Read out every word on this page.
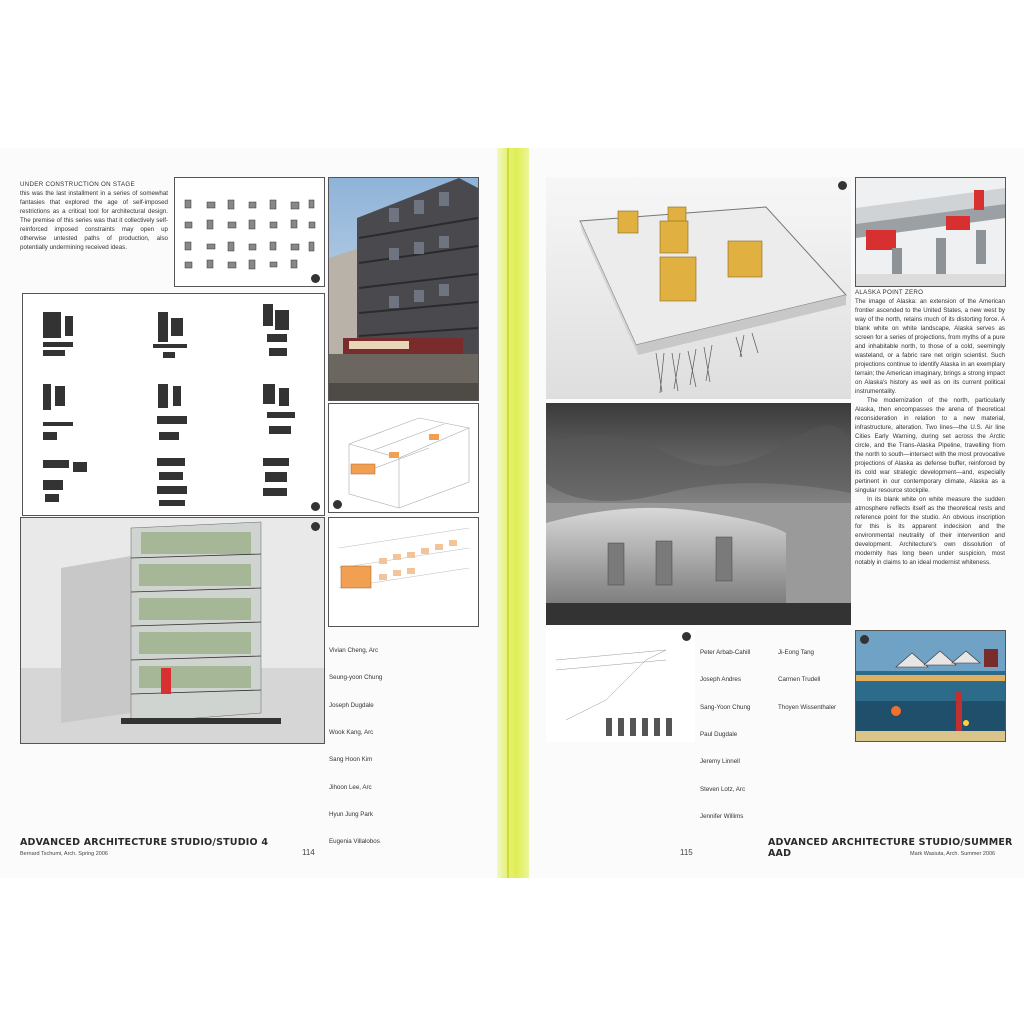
UNDER CONSTRUCTION ON STAGE

this was the last installment in a series of somewhat fantasies that explored the age of self-imposed restrictions as a critical tool for architectural design. The premise of this series was that it collectively self-reinforced imposed constraints may open up otherwise untested paths of production, also potentially undermining received ideas.

Vivian Cheng, Arc

Seung-yoon Chung

Joseph Dugdale

Wook Kang, Arc

Sang Hoon Kim

Jihoon Lee, Arc

Hyun Jung Park

Eugenia Villalobos

ADVANCED ARCHITECTURE STUDIO/STUDIO 4
Bernard Tschumi, Arch. Spring 2006	114
ALASKA POINT ZERO

The image of Alaska: an extension of the American frontier ascended to the United States, a new west by way of the north, retains much of its distorting force. A blank white on white landscape, Alaska serves as screen for a series of projections, from myths of a pure and inhabitable north, to those of a cold, seemingly wasteland, or a fabric rare net origin scientist. Such projections continue to identify Alaska in an exemplary terrain; the American imaginary, brings a strong impact on Alaska's history as well as on its current political instrumentality.

The modernization of the north, particularly Alaska, then encompasses the arena of theoretical reconsideration in relation to a new material, infrastructure, alteration. Two lines—the U.S. Air line Cities Early Warning, during set across the Arctic circle, and the Trans-Alaska Pipeline, travelling from the north to south—intersect with the most provocative projections of Alaska as defense buffer, reinforced by its cold war strategic development—and, especially pertinent in our contemporary climate, Alaska as a singular resource stockpile.

In its blank white on white measure the sudden atmosphere reflects itself as the theoretical rests and reference point for the studio. An obvious inscription for this is its apparent indecision and the environmental neutrality of their intervention and development. Architecture's own dissolution of modernity has long been under suspicion, most notably in claims to an ideal modernist whiteness.

Peter Arbab-Cahill

Joseph Andres

Sang-Yoon Chung

Paul Dugdale

Jeremy Linnell

Steven Lotz, Arc

Jennifer Willims

Ji-Eong Tang

Carmen Trudell

Thoyen Wissenthaler

ADVANCED ARCHITECTURE STUDIO/SUMMER AAD	Mark Wasiuta, Arch. Summer 2006
115
